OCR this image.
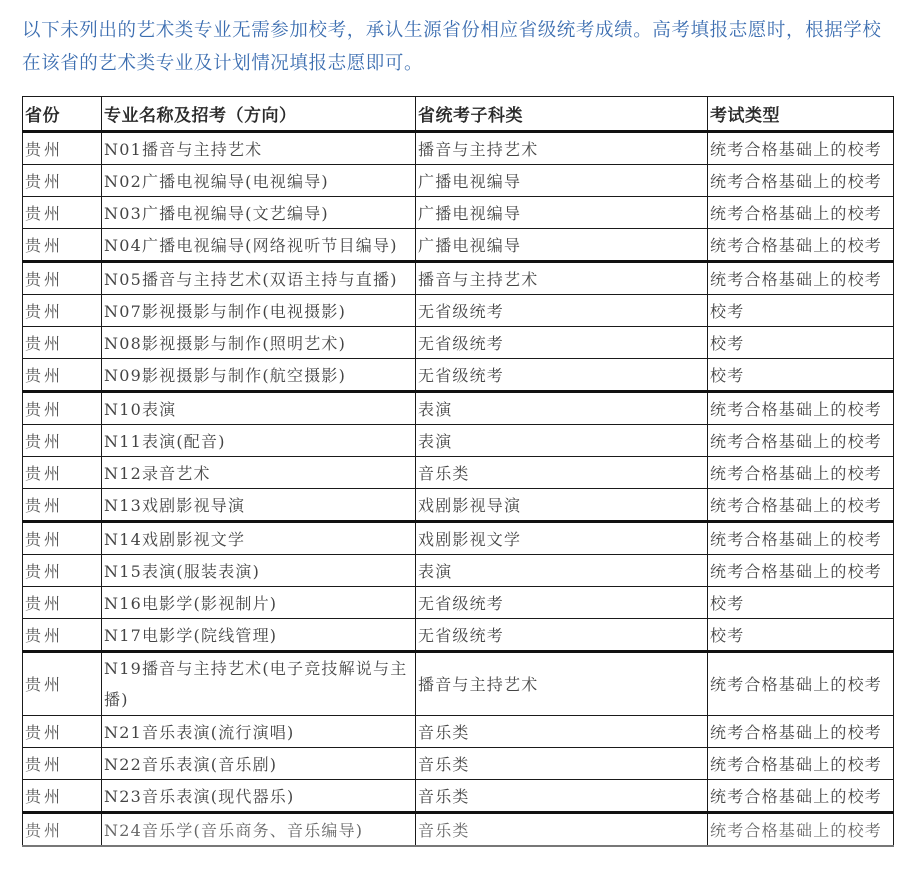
以下未列出的艺术类专业无需参加校考，承认生源省份相应省级统考成绩。高考填报志愿时，根据学校在该省的艺术类专业及计划情况填报志愿即可。

省份	专业名称及招考（方向）	省统考子科类	考试类型
贵州	N01播音与主持艺术	播音与主持艺术	统考合格基础上的校考
贵州	N02广播电视编导(电视编导)	广播电视编导	统考合格基础上的校考
贵州	N03广播电视编导(文艺编导)	广播电视编导	统考合格基础上的校考
贵州	N04广播电视编导(网络视听节目编导)	广播电视编导	统考合格基础上的校考
贵州	N05播音与主持艺术(双语主持与直播)	播音与主持艺术	统考合格基础上的校考
贵州	N07影视摄影与制作(电视摄影)	无省级统考	校考
贵州	N08影视摄影与制作(照明艺术)	无省级统考	校考
贵州	N09影视摄影与制作(航空摄影)	无省级统考	校考
贵州	N10表演	表演	统考合格基础上的校考
贵州	N11表演(配音)	表演	统考合格基础上的校考
贵州	N12录音艺术	音乐类	统考合格基础上的校考
贵州	N13戏剧影视导演	戏剧影视导演	统考合格基础上的校考
贵州	N14戏剧影视文学	戏剧影视文学	统考合格基础上的校考
贵州	N15表演(服装表演)	表演	统考合格基础上的校考
贵州	N16电影学(影视制片)	无省级统考	校考
贵州	N17电影学(院线管理)	无省级统考	校考
贵州	N19播音与主持艺术(电子竞技解说与主播)	播音与主持艺术	统考合格基础上的校考
贵州	N21音乐表演(流行演唱)	音乐类	统考合格基础上的校考
贵州	N22音乐表演(音乐剧)	音乐类	统考合格基础上的校考
贵州	N23音乐表演(现代器乐)	音乐类	统考合格基础上的校考
贵州	N24音乐学(音乐商务、音乐编导)	音乐类	统考合格基础上的校考
